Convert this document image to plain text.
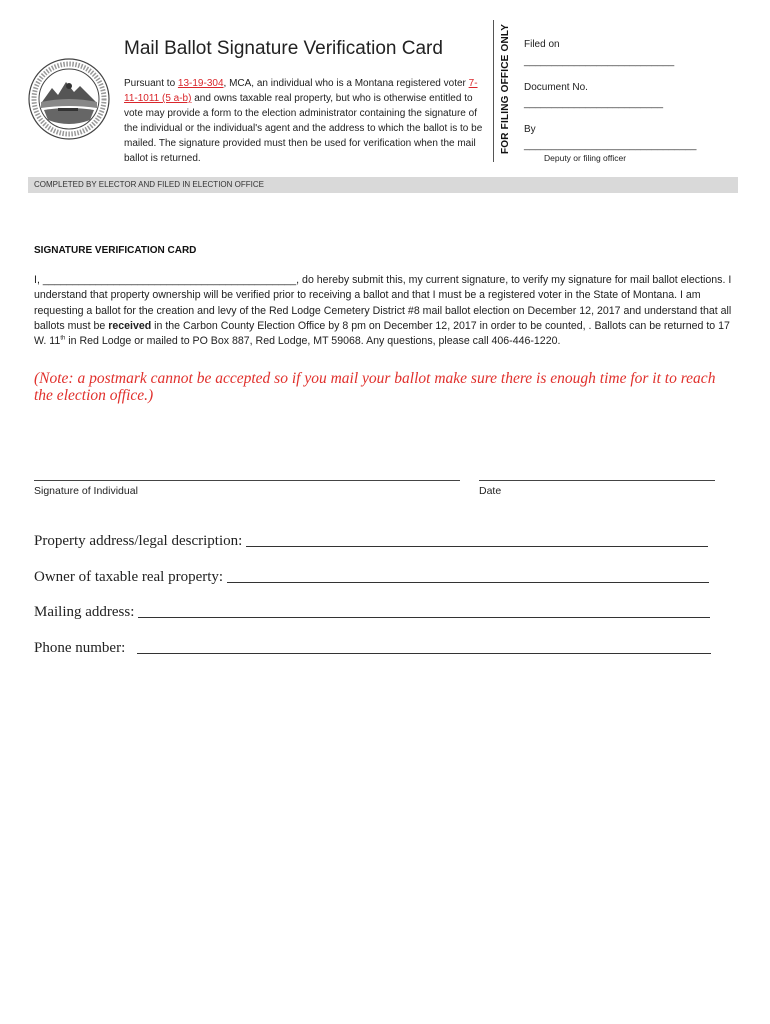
Mail Ballot Signature Verification Card
Pursuant to 13-19-304, MCA, an individual who is a Montana registered voter 7-11-1011 (5 a-b) and owns taxable real property, but who is otherwise entitled to vote may provide a form to the election administrator containing the signature of the individual or the individual's agent and the address to which the ballot is to be mailed. The signature provided must then be used for verification when the mail ballot is returned.
FOR FILING OFFICE ONLY Filed on
___________________________
Document No.
_________________________
By
_______________________________
Deputy or filing officer
COMPLETED BY ELECTOR AND FILED IN ELECTION OFFICE
SIGNATURE VERIFICATION CARD
I, ___________________________________________, do hereby submit this, my current signature, to verify my signature for mail ballot elections. I understand that property ownership will be verified prior to receiving a ballot and that I must be a registered voter in the State of Montana. I am requesting a ballot for the creation and levy of the Red Lodge Cemetery District #8 mail ballot election on December 12, 2017 and understand that all ballots must be received in the Carbon County Election Office by 8 pm on December 12, 2017 in order to be counted, . Ballots can be returned to 17 W. 11th in Red Lodge or mailed to PO Box 887, Red Lodge, MT 59068. Any questions, please call 406-446-1220.
(Note: a postmark cannot be accepted so if you mail your ballot make sure there is enough time for it to reach the election office.)
Signature of Individual	Date
Property address/legal description:
Owner of taxable real property:
Mailing address:
Phone number:
